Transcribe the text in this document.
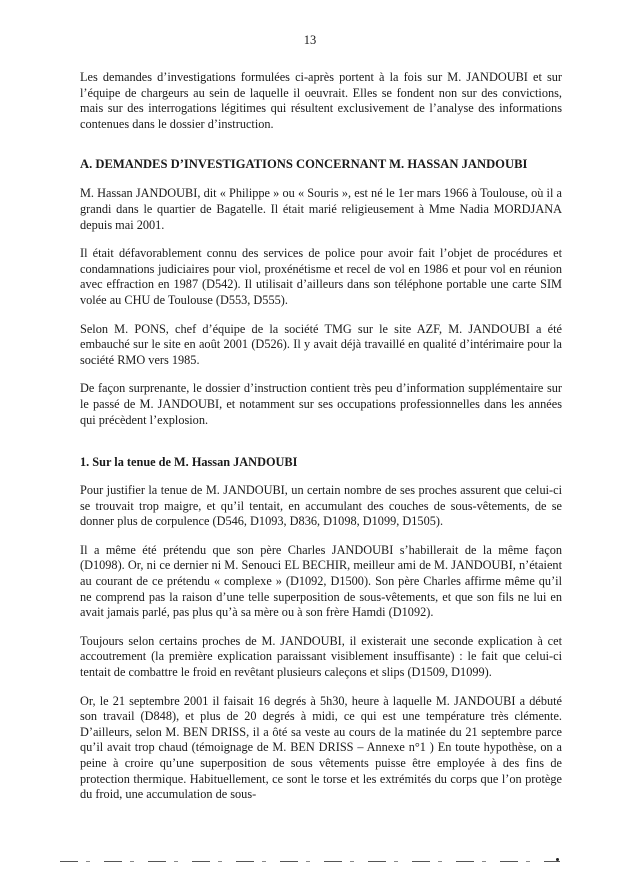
13

Les demandes d’investigations formulées ci-après portent à la fois sur M. JANDOUBI et sur l’équipe de chargeurs au sein de laquelle il oeuvrait. Elles se fondent non sur des convictions, mais sur des interrogations légitimes qui résultent exclusivement de l’analyse des informations contenues dans le dossier d’instruction.

A. DEMANDES D’INVESTIGATIONS CONCERNANT M. HASSAN JANDOUBI

M. Hassan JANDOUBI, dit « Philippe » ou « Souris », est né le 1er mars 1966 à Toulouse, où il a grandi dans le quartier de Bagatelle. Il était marié religieusement à Mme Nadia MORDJANA depuis mai 2001.

Il était défavorablement connu des services de police pour avoir fait l’objet de procédures et condamnations judiciaires pour viol, proxénétisme et recel de vol en 1986 et pour vol en réunion avec effraction en 1987 (D542). Il utilisait d’ailleurs dans son téléphone portable une carte SIM volée au CHU de Toulouse (D553, D555).

Selon M. PONS, chef d’équipe de la société TMG sur le site AZF, M. JANDOUBI a été embauché sur le site en août 2001 (D526). Il y avait déjà travaillé en qualité d’intérimaire pour la société RMO vers 1985.

De façon surprenante, le dossier d’instruction contient très peu d’information supplémentaire sur le passé de M. JANDOUBI, et notamment sur ses occupations professionnelles dans les années qui précèdent l’explosion.

1. Sur la tenue de M. Hassan JANDOUBI

Pour justifier la tenue de M. JANDOUBI, un certain nombre de ses proches assurent que celui-ci se trouvait trop maigre, et qu’il tentait, en accumulant des couches de sous-vêtements, de se donner plus de corpulence (D546, D1093, D836, D1098, D1099, D1505).

Il a même été prétendu que son père Charles JANDOUBI s’habillerait de la même façon (D1098). Or, ni ce dernier ni M. Senouci EL BECHIR, meilleur ami de M. JANDOUBI, n’étaient au courant de ce prétendu « complexe » (D1092, D1500). Son père Charles affirme même qu’il ne comprend pas la raison d’une telle superposition de sous-vêtements, et que son fils ne lui en avait jamais parlé, pas plus qu’à sa mère ou à son frère Hamdi (D1092).

Toujours selon certains proches de M. JANDOUBI, il existerait une seconde explication à cet accoutrement (la première explication paraissant visiblement insuffisante) : le fait que celui-ci tentait de combattre le froid en revêtant plusieurs caleçons et slips (D1509, D1099).

Or, le 21 septembre 2001 il faisait 16 degrés à 5h30, heure à laquelle M. JANDOUBI a débuté son travail (D848), et plus de 20 degrés à midi, ce qui est une température très clémente. D’ailleurs, selon M. BEN DRISS, il a ôté sa veste au cours de la matinée du 21 septembre parce qu’il avait trop chaud (témoignage de M. BEN DRISS – Annexe n°1 ) En toute hypothèse, on a peine à croire qu’une superposition de sous vêtements puisse être employée à des fins de protection thermique. Habituellement, ce sont le torse et les extrémités du corps que l’on protège du froid, une accumulation de sous-
